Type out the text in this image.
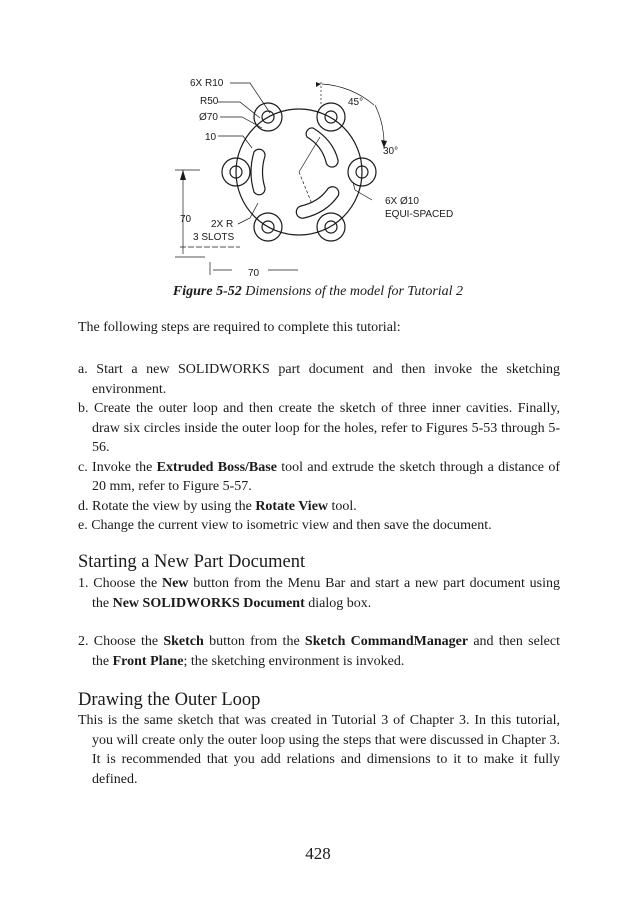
6X R10
R50
Ø70
10
45°
30°
6X Ø10
EQUI-SPACED
2X R
3 SLOTS
70
70
Figure 5-52 Dimensions of the model for Tutorial 2

The following steps are required to complete this tutorial:

a. Start a new SOLIDWORKS part document and then invoke the sketching environment.

b. Create the outer loop and then create the sketch of three inner cavities. Finally, draw six circles inside the outer loop for the holes, refer to Figures 5-53 through 5-56.

c. Invoke the Extruded Boss/Base tool and extrude the sketch through a distance of 20 mm, refer to Figure 5-57.

d. Rotate the view by using the Rotate View tool.

e. Change the current view to isometric view and then save the document.

Starting a New Part Document

1. Choose the New button from the Menu Bar and start a new part document using the New SOLIDWORKS Document dialog box.

2. Choose the Sketch button from the Sketch CommandManager and then select the Front Plane; the sketching environment is invoked.

Drawing the Outer Loop

This is the same sketch that was created in Tutorial 3 of Chapter 3. In this tutorial, you will create only the outer loop using the steps that were discussed in Chapter 3. It is recommended that you add relations and dimensions to it to make it fully defined.

428
